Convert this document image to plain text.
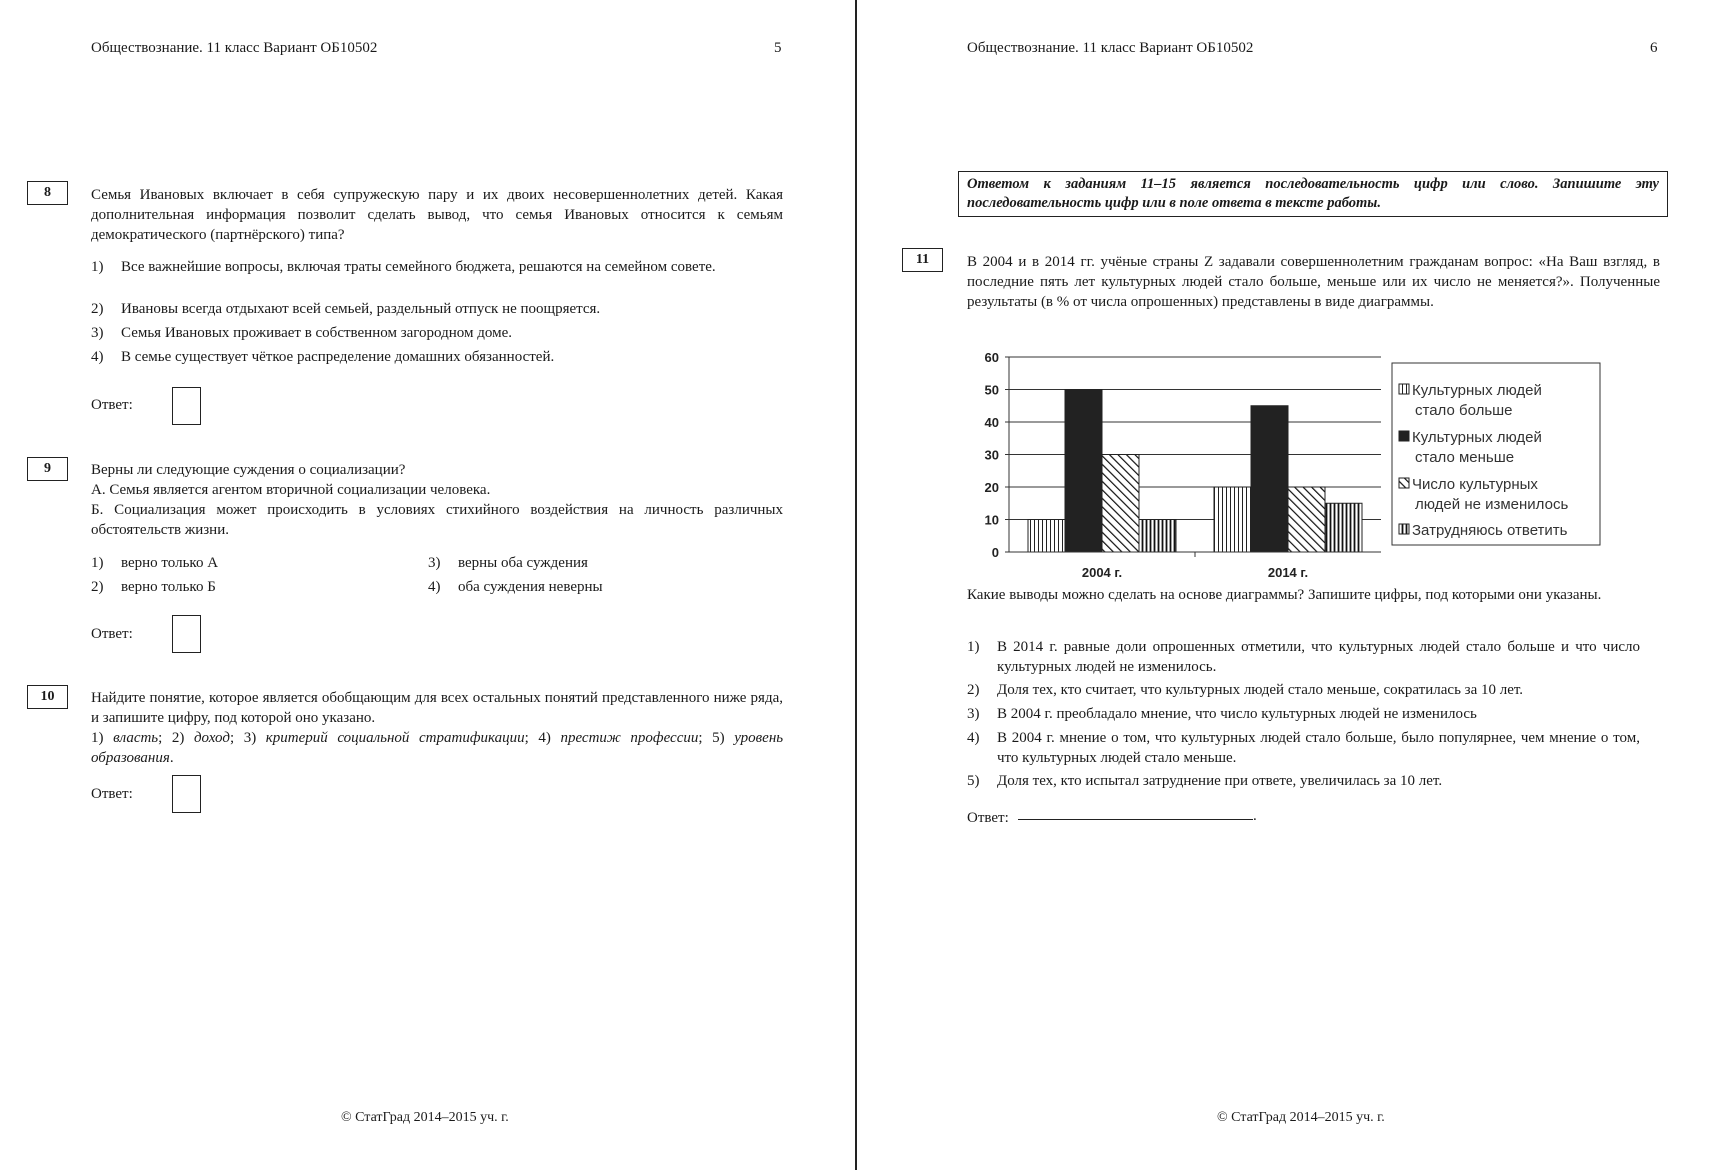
Обществознание. 11 класс Вариант ОБ10502	5
8	Семья Ивановых включает в себя супружескую пару и их двоих несовершеннолетних детей. Какая дополнительная информация позволит сделать вывод, что семья Ивановых относится к семьям демократического (партнёрского) типа?
1)	Все важнейшие вопросы, включая траты семейного бюджета, решаются на семейном совете.
2)	Ивановы всегда отдыхают всей семьей, раздельный отпуск не поощряется.
3)	Семья Ивановых проживает в собственном загородном доме.
4)	В семье существует чёткое распределение домашних обязанностей.
Ответ:
9	Верны ли следующие суждения о социализации?
А. Семья является агентом вторичной социализации человека.
Б. Социализация может происходить в условиях стихийного воздействия на личность различных обстоятельств жизни.
1)	верно только А
2)	верно только Б
3)	верны оба суждения
4)	оба суждения неверны
Ответ:
10	Найдите понятие, которое является обобщающим для всех остальных понятий представленного ниже ряда, и запишите цифру, под которой оно указано.
1) власть; 2) доход; 3) критерий социальной стратификации; 4) престиж профессии; 5) уровень образования.
Ответ:
© СтатГрад 2014–2015 уч. г.
Обществознание. 11 класс Вариант ОБ10502	6
Ответом к заданиям 11–15 является последовательность цифр или слово. Запишите эту последовательность цифр или в поле ответа в тексте работы.
11	В 2004 и в 2014 гг. учёные страны Z задавали совершеннолетним гражданам вопрос: «На Ваш взгляд, в последние пять лет культурных людей стало больше, меньше или их число не меняется?». Полученные результаты (в % от числа опрошенных) представлены в виде диаграммы.
0
10
20
30
40
50
60
2004 г.	2014 г.
Культурных людей
стало больше
Культурных людей
стало меньше
Число культурных
людей не изменилось
Затрудняюсь ответить
Какие выводы можно сделать на основе диаграммы? Запишите цифры, под которыми они указаны.
1)	В 2014 г. равные доли опрошенных отметили, что культурных людей стало больше и что число культурных людей не изменилось.
2)	Доля тех, кто считает, что культурных людей стало меньше, сократилась за 10 лет.
3)	В 2004 г. преобладало мнение, что число культурных людей не изменилось
4)	В 2004 г. мнение о том, что культурных людей стало больше, было популярнее, чем мнение о том, что культурных людей стало меньше.
5)	Доля тех, кто испытал затруднение при ответе, увеличилась за 10 лет.
Ответ:	.
© СтатГрад 2014–2015 уч. г.
